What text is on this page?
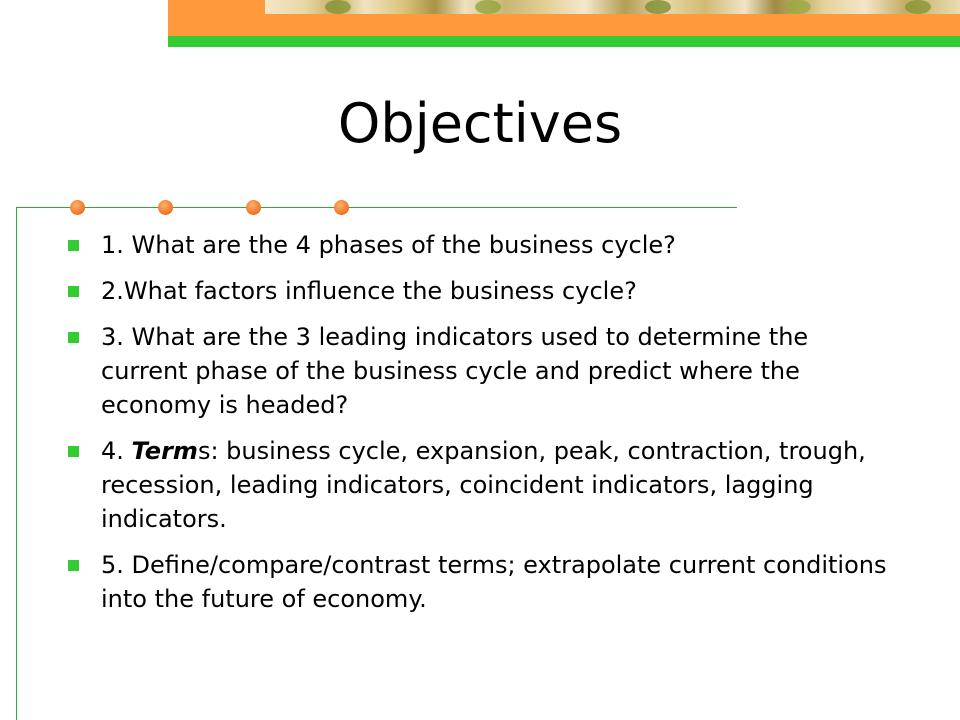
Objectives
1. What are the 4 phases of the business cycle?
2.What factors influence the business cycle?
3. What are the 3 leading indicators used to determine the current phase of the business cycle and predict where the economy is headed?
4. Terms: business cycle, expansion, peak, contraction, trough, recession, leading indicators, coincident indicators, lagging indicators.
5. Define/compare/contrast terms; extrapolate current conditions into the future of economy.
